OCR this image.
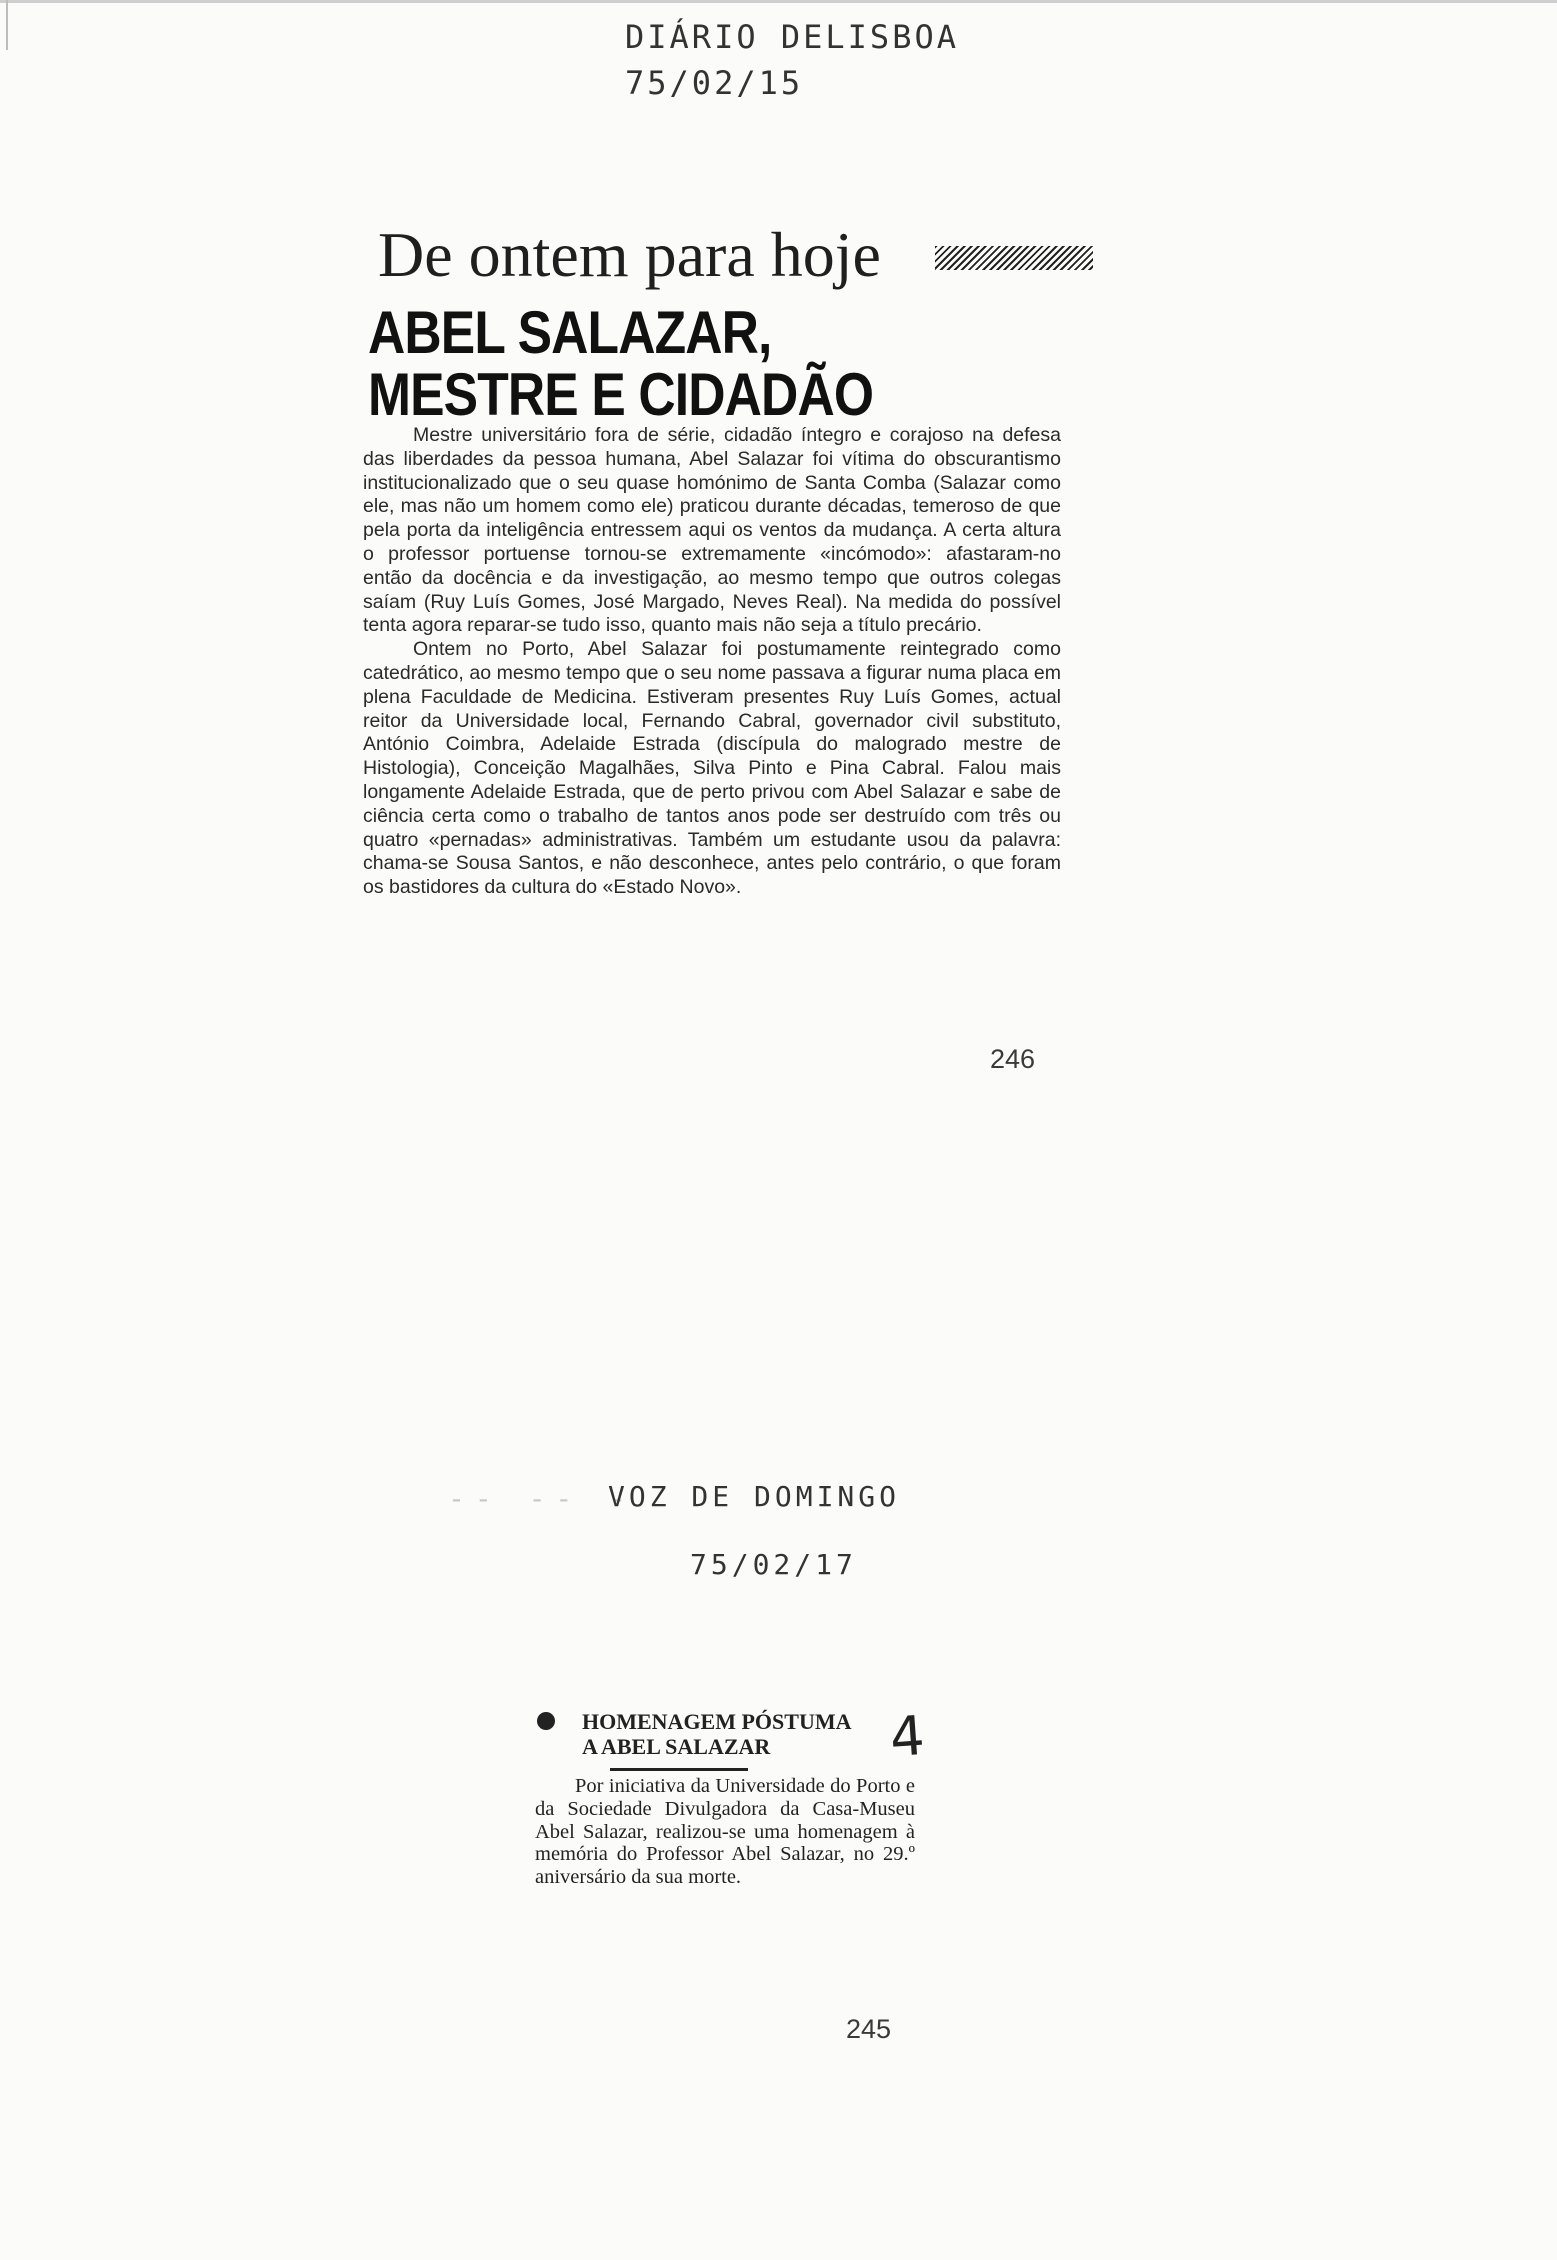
DIÁRIO DELISBOA
75/02/15
De ontem para hoje
ABEL SALAZAR,
MESTRE E CIDADÃO

Mestre universitário fora de série, cidadão íntegro e corajoso na defesa das liberdades da pessoa humana, Abel Salazar foi vítima do obscurantismo institucionalizado que o seu quase homónimo de Santa Comba (Salazar como ele, mas não um homem como ele) praticou durante décadas, temeroso de que pela porta da inteligência entressem aqui os ventos da mudança. A certa altura o professor portuense tornou-se extremamente «incómodo»: afastaram-no então da docência e da investigação, ao mesmo tempo que outros colegas saíam (Ruy Luís Gomes, José Margado, Neves Real). Na medida do possível tenta agora reparar-se tudo isso, quanto mais não seja a título precário.

Ontem no Porto, Abel Salazar foi postumamente reintegrado como catedrático, ao mesmo tempo que o seu nome passava a figurar numa placa em plena Faculdade de Medicina. Estiveram presentes Ruy Luís Gomes, actual reitor da Universidade local, Fernando Cabral, governador civil substituto, António Coimbra, Adelaide Estrada (discípula do malogrado mestre de Histologia), Conceição Magalhães, Silva Pinto e Pina Cabral. Falou mais longamente Adelaide Estrada, que de perto privou com Abel Salazar e sabe de ciência certa como o trabalho de tantos anos pode ser destruído com três ou quatro «pernadas» administrativas. Também um estudante usou da palavra: chama-se Sousa Santos, e não desconhece, antes pelo contrário, o que foram os bastidores da cultura do «Estado Novo».

246
-- -- -
VOZ DE DOMINGO
75/02/17
HOMENAGEM PÓSTUMA
A ABEL SALAZAR	4

Por iniciativa da Universidade do Porto e da Sociedade Divulgadora da Casa-Museu Abel Salazar, realizou-se uma homenagem à memória do Professor Abel Salazar, no 29.º aniversário da sua morte.

245
